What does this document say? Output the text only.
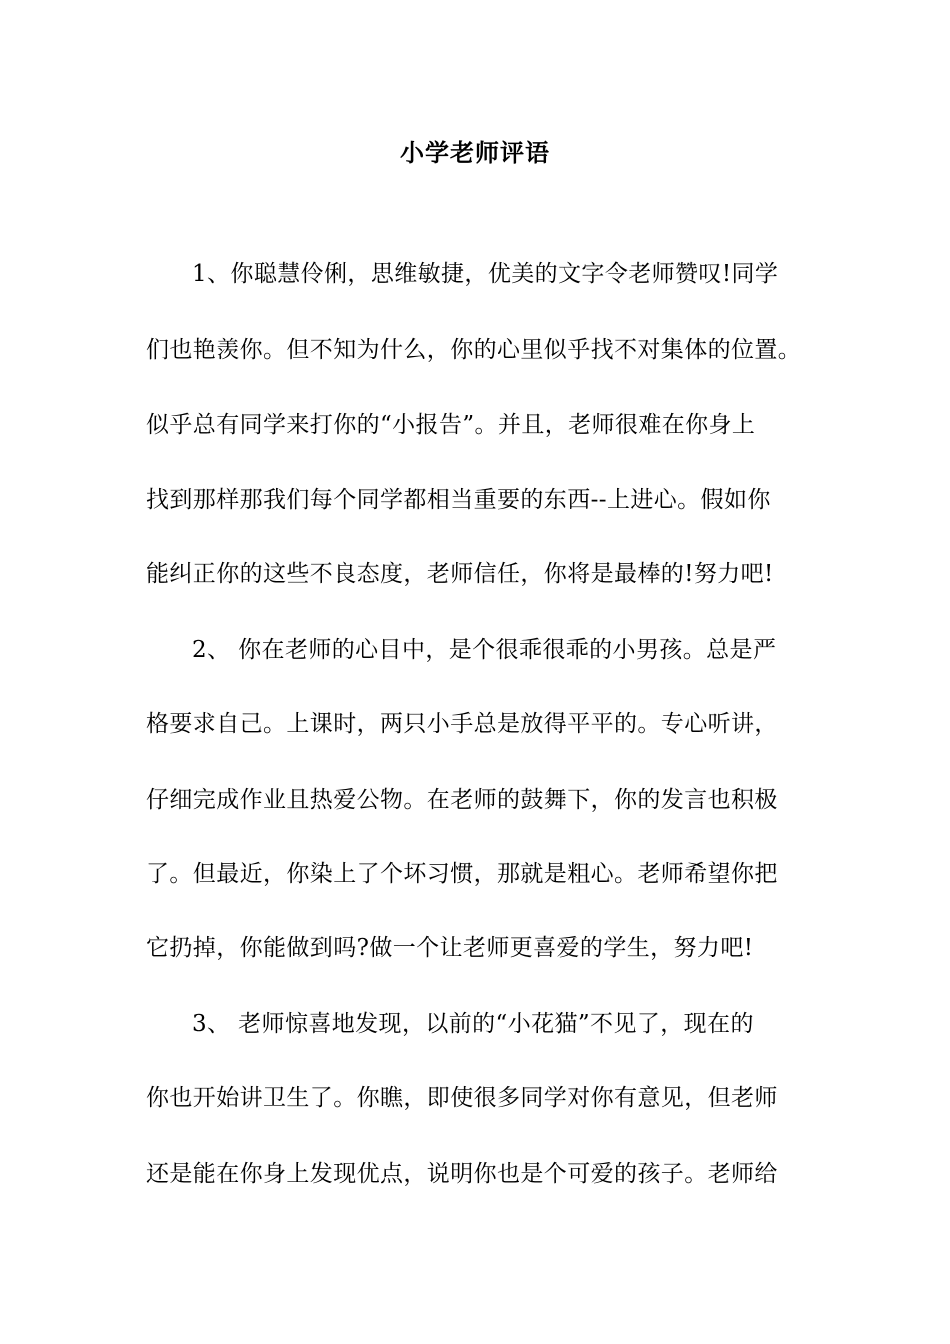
小学老师评语
1、你聪慧伶俐，思维敏捷，优美的文字令老师赞叹!同学
们也艳羡你。但不知为什么，你的心里似乎找不对集体的位置。
似乎总有同学来打你的“小报告”。并且，老师很难在你身上
找到那样那我们每个同学都相当重要的东西--上进心。假如你
能纠正你的这些不良态度，老师信任，你将是最棒的!努力吧!
2、 你在老师的心目中，是个很乖很乖的小男孩。总是严
格要求自己。上课时，两只小手总是放得平平的。专心听讲，
仔细完成作业且热爱公物。在老师的鼓舞下，你的发言也积极
了。但最近，你染上了个坏习惯，那就是粗心。老师希望你把
它扔掉，你能做到吗?做一个让老师更喜爱的学生，努力吧!
3、 老师惊喜地发现，以前的“小花猫”不见了，现在的
你也开始讲卫生了。你瞧，即使很多同学对你有意见，但老师
还是能在你身上发现优点，说明你也是个可爱的孩子。老师给
